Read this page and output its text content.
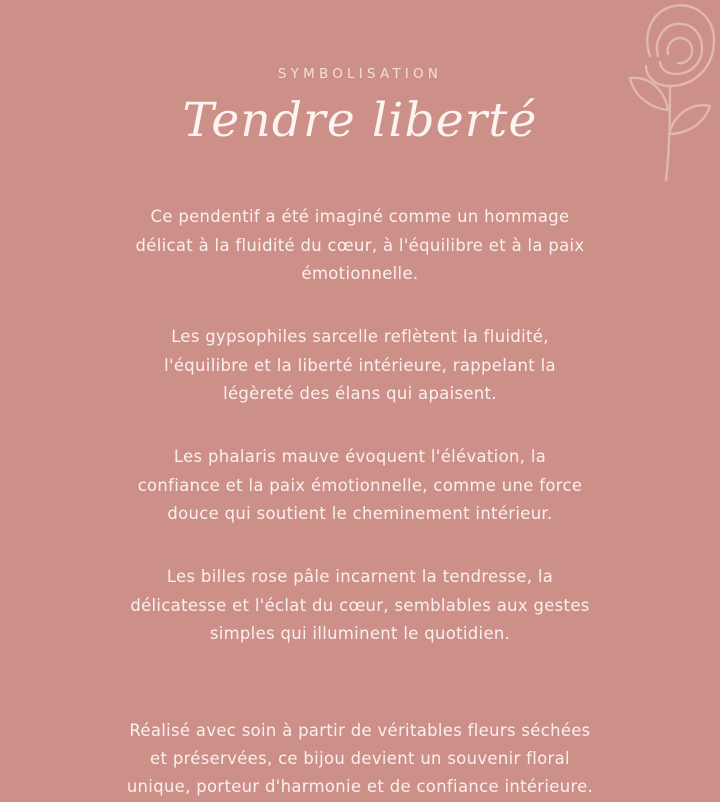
SYMBOLISATION
Tendre liberté

Ce pendentif a été imaginé comme un hommage délicat à la fluidité du cœur, à l'équilibre et à la paix émotionnelle.

Les gypsophiles sarcelle reflètent la fluidité, l'équilibre et la liberté intérieure, rappelant la légèreté des élans qui apaisent.

Les phalaris mauve évoquent l'élévation, la confiance et la paix émotionnelle, comme une force douce qui soutient le cheminement intérieur.

Les billes rose pâle incarnent la tendresse, la délicatesse et l'éclat du cœur, semblables aux gestes simples qui illuminent le quotidien.

Réalisé avec soin à partir de véritables fleurs séchées et préservées, ce bijou devient un souvenir floral unique, porteur d'harmonie et de confiance intérieure.
